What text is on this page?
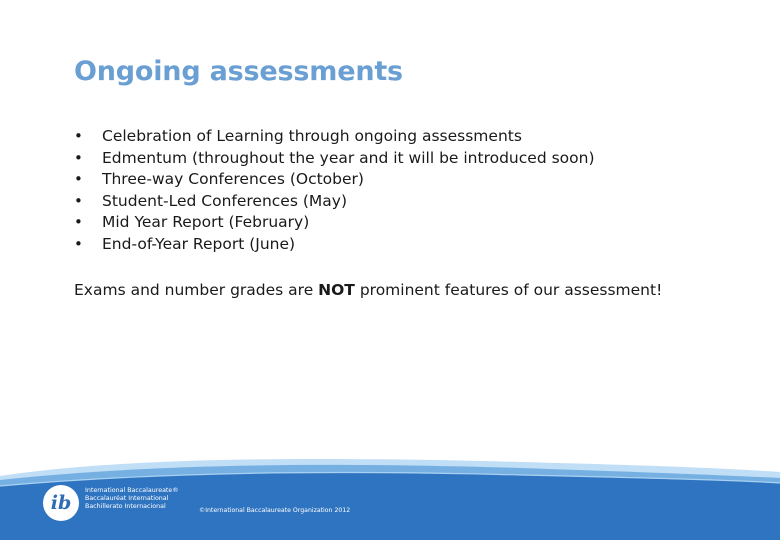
Ongoing assessments
• Celebration of Learning through ongoing assessments
• Edmentum (throughout the year and it will be introduced soon)
• Three-way Conferences (October)
• Student-Led Conferences (May)
• Mid Year Report (February)
• End-of-Year Report (June)

Exams and number grades are NOT prominent features of our assessment!

ib
International Baccalaureate®
Baccalauréat International
Bachillerato Internacional
©International Baccalaureate Organization 2012
